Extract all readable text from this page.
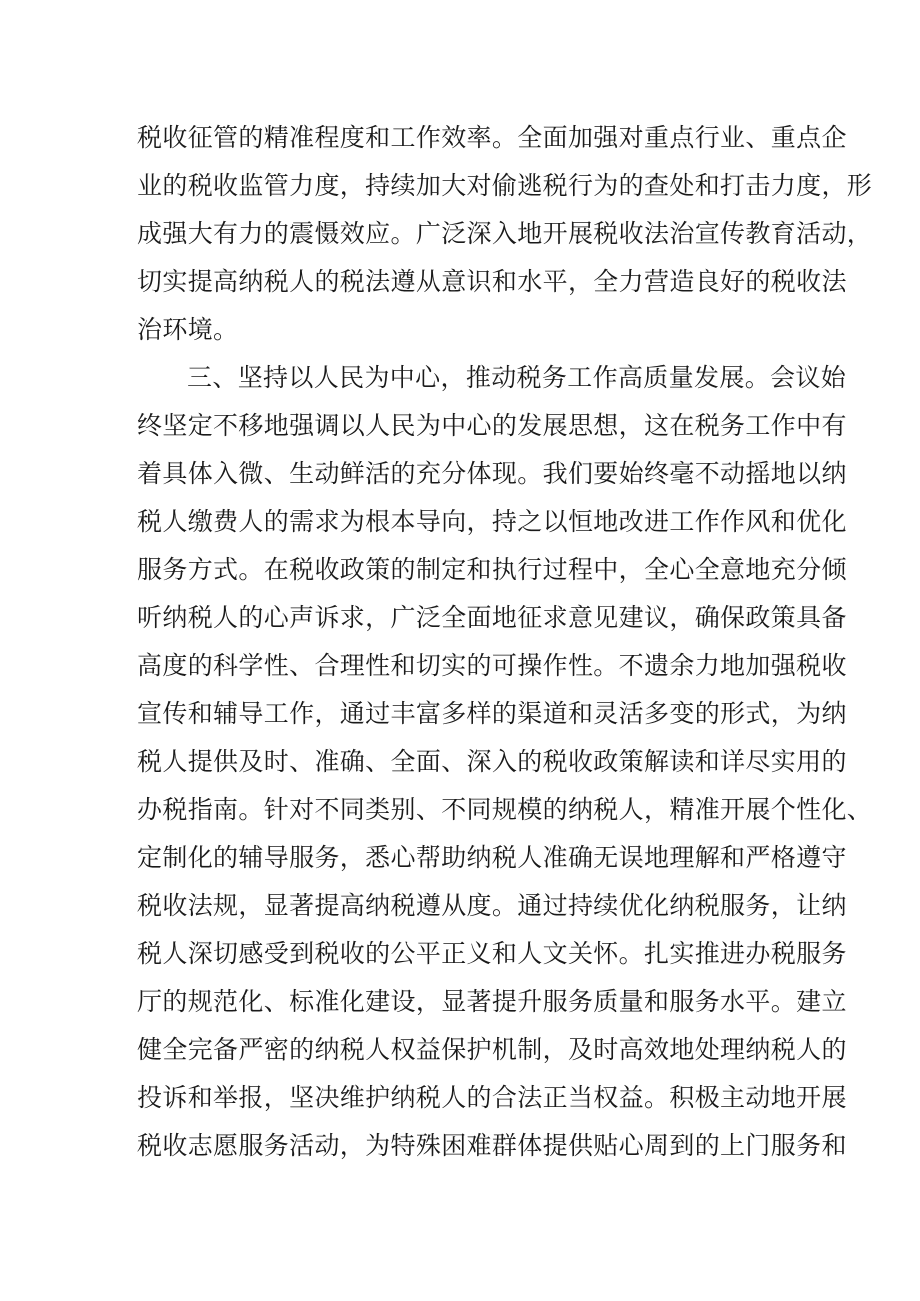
税收征管的精准程度和工作效率。全面加强对重点行业、重点企
业的税收监管力度，持续加大对偷逃税行为的查处和打击力度，形
成强大有力的震慑效应。广泛深入地开展税收法治宣传教育活动，
切实提高纳税人的税法遵从意识和水平，全力营造良好的税收法
治环境。
三、坚持以人民为中心，推动税务工作高质量发展。会议始
终坚定不移地强调以人民为中心的发展思想，这在税务工作中有
着具体入微、生动鲜活的充分体现。我们要始终毫不动摇地以纳
税人缴费人的需求为根本导向，持之以恒地改进工作作风和优化
服务方式。在税收政策的制定和执行过程中，全心全意地充分倾
听纳税人的心声诉求，广泛全面地征求意见建议，确保政策具备
高度的科学性、合理性和切实的可操作性。不遗余力地加强税收
宣传和辅导工作，通过丰富多样的渠道和灵活多变的形式，为纳
税人提供及时、准确、全面、深入的税收政策解读和详尽实用的
办税指南。针对不同类别、不同规模的纳税人，精准开展个性化、
定制化的辅导服务，悉心帮助纳税人准确无误地理解和严格遵守
税收法规，显著提高纳税遵从度。通过持续优化纳税服务，让纳
税人深切感受到税收的公平正义和人文关怀。扎实推进办税服务
厅的规范化、标准化建设，显著提升服务质量和服务水平。建立
健全完备严密的纳税人权益保护机制，及时高效地处理纳税人的
投诉和举报，坚决维护纳税人的合法正当权益。积极主动地开展
税收志愿服务活动，为特殊困难群体提供贴心周到的上门服务和
